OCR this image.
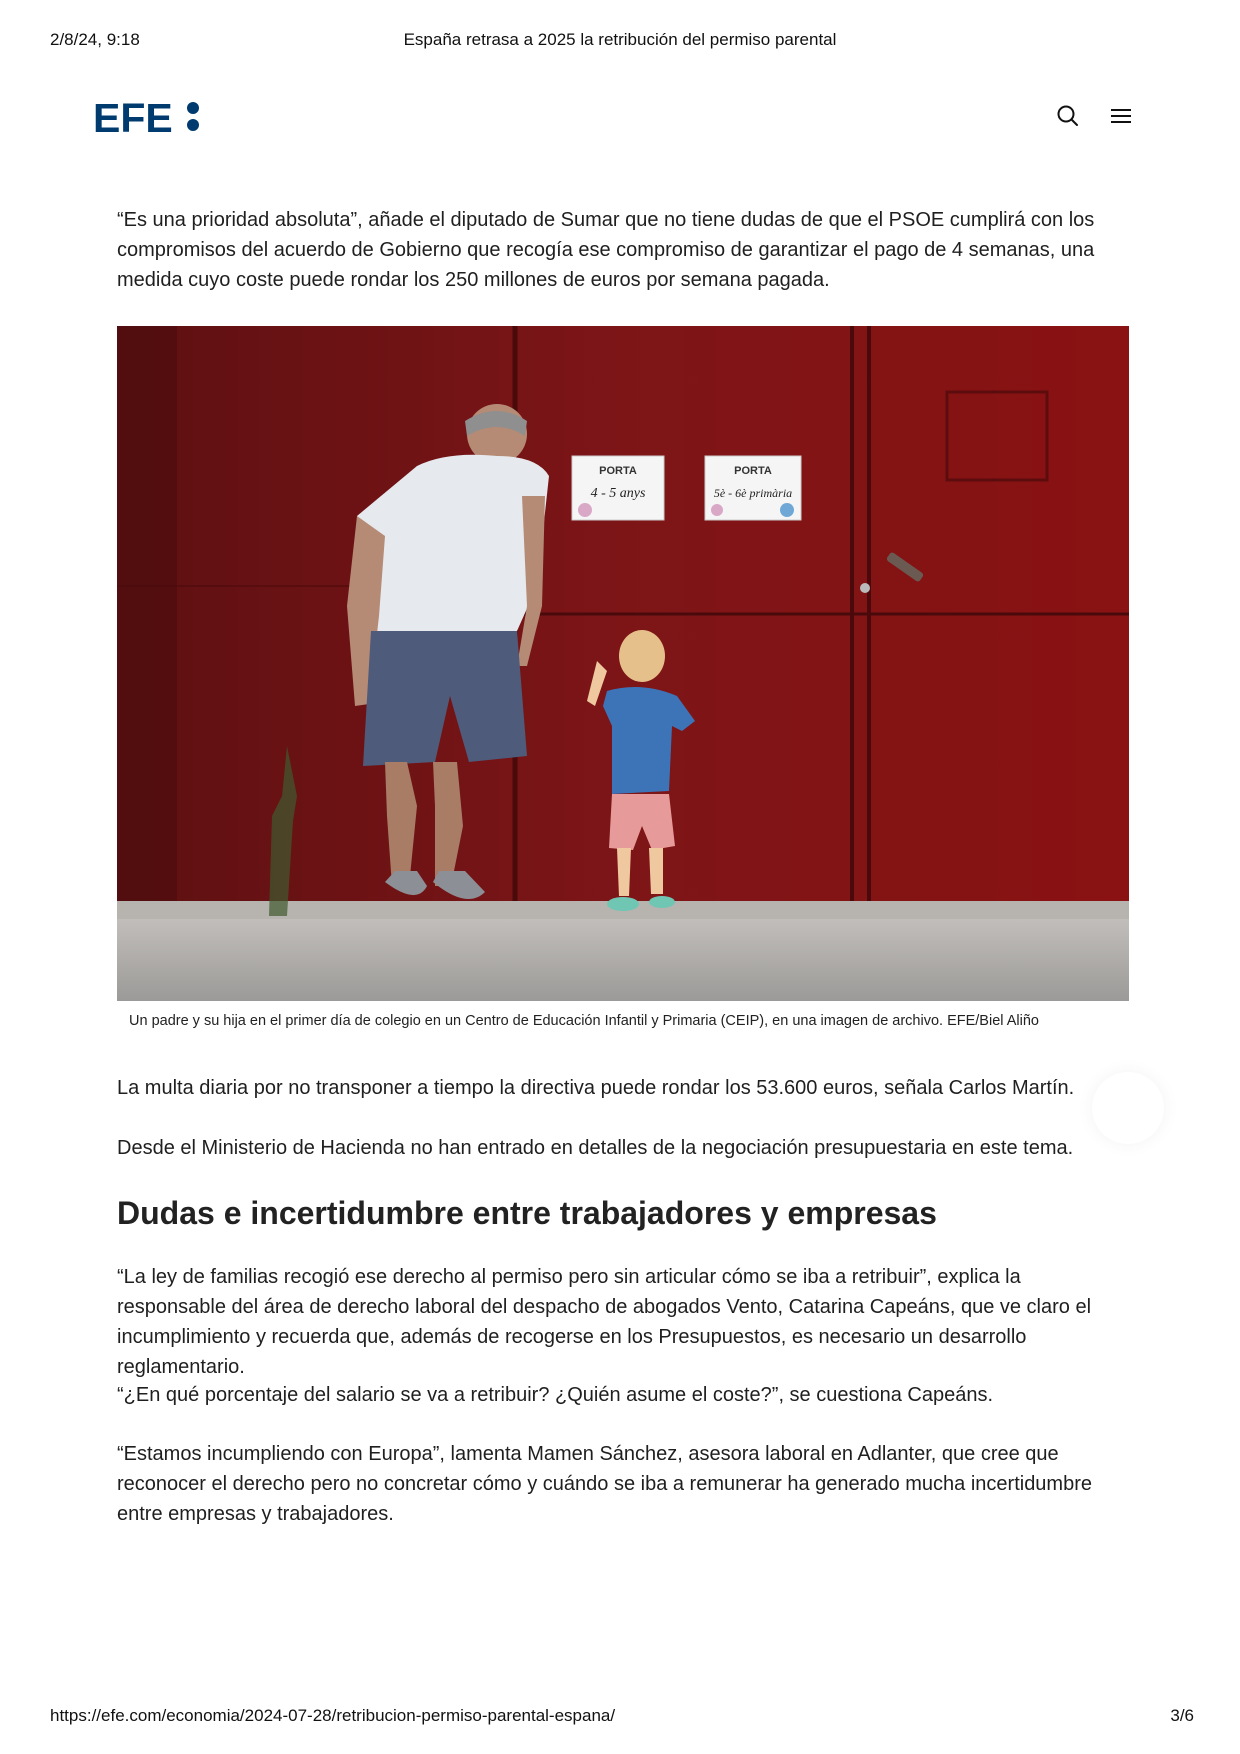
2/8/24, 9:18	España retrasa a 2025 la retribución del permiso parental
EFE

“Es una prioridad absoluta”, añade el diputado de Sumar que no tiene dudas de que el PSOE cumplirá con los compromisos del acuerdo de Gobierno que recogía ese compromiso de garantizar el pago de 4 semanas, una medida cuyo coste puede rondar los 250 millones de euros por semana pagada.

PORTA
4 - 5 anys
PORTA
5è - 6è primària
Un padre y su hija en el primer día de colegio en un Centro de Educación Infantil y Primaria (CEIP), en una imagen de archivo. EFE/Biel Aliño

La multa diaria por no transponer a tiempo la directiva puede rondar los 53.600 euros, señala Carlos Martín.

Desde el Ministerio de Hacienda no han entrado en detalles de la negociación presupuestaria en este tema.

Dudas e incertidumbre entre trabajadores y empresas

“La ley de familias recogió ese derecho al permiso pero sin articular cómo se iba a retribuir”, explica la responsable del área de derecho laboral del despacho de abogados Vento, Catarina Capeáns, que ve claro el incumplimiento y recuerda que, además de recogerse en los Presupuestos, es necesario un desarrollo reglamentario.

“¿En qué porcentaje del salario se va a retribuir? ¿Quién asume el coste?”, se cuestiona Capeáns.

“Estamos incumpliendo con Europa”, lamenta Mamen Sánchez, asesora laboral en Adlanter, que cree que reconocer el derecho pero no concretar cómo y cuándo se iba a remunerar ha generado mucha incertidumbre entre empresas y trabajadores.

https://efe.com/economia/2024-07-28/retribucion-permiso-parental-espana/	3/6
